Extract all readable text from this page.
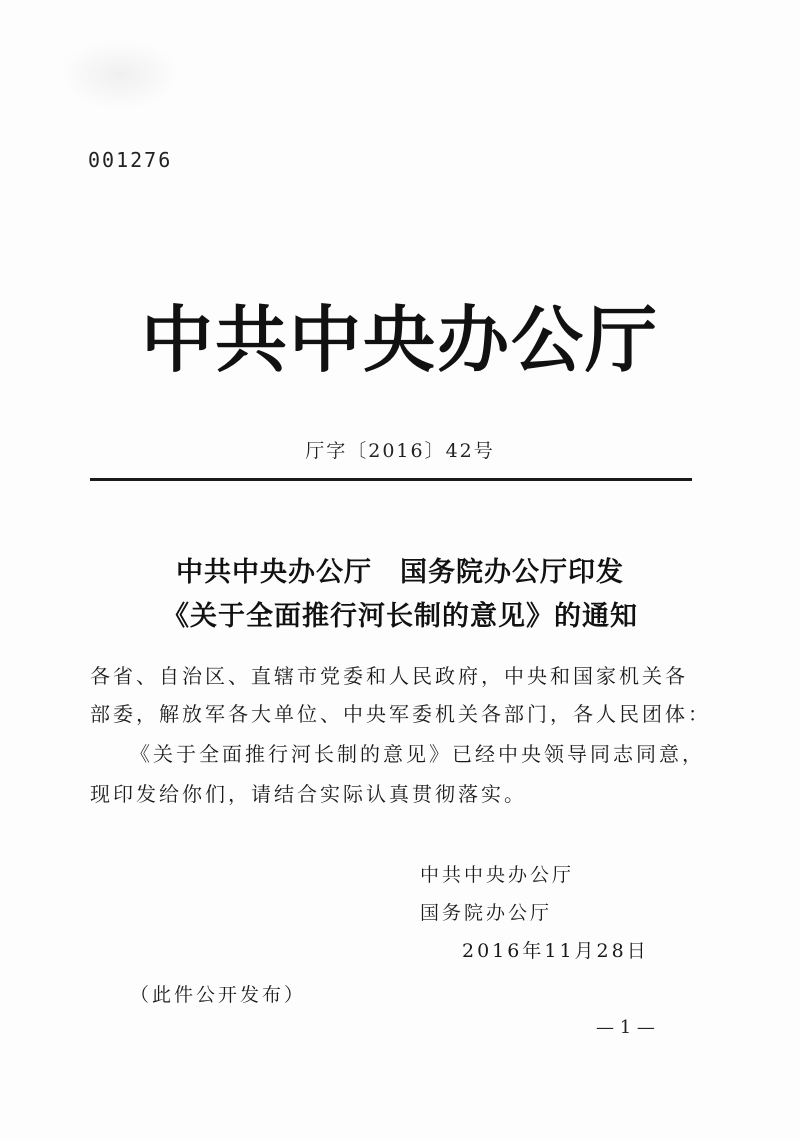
001276
中共中央办公厅
厅字〔2016〕42号
中共中央办公厅　国务院办公厅印发
《关于全面推行河长制的意见》的通知
各省、自治区、直辖市党委和人民政府，中央和国家机关各
部委，解放军各大单位、中央军委机关各部门，各人民团体：
《关于全面推行河长制的意见》已经中央领导同志同意，
现印发给你们，请结合实际认真贯彻落实。
中共中央办公厅
国务院办公厅
2016年11月28日
（此件公开发布）
— 1 —
